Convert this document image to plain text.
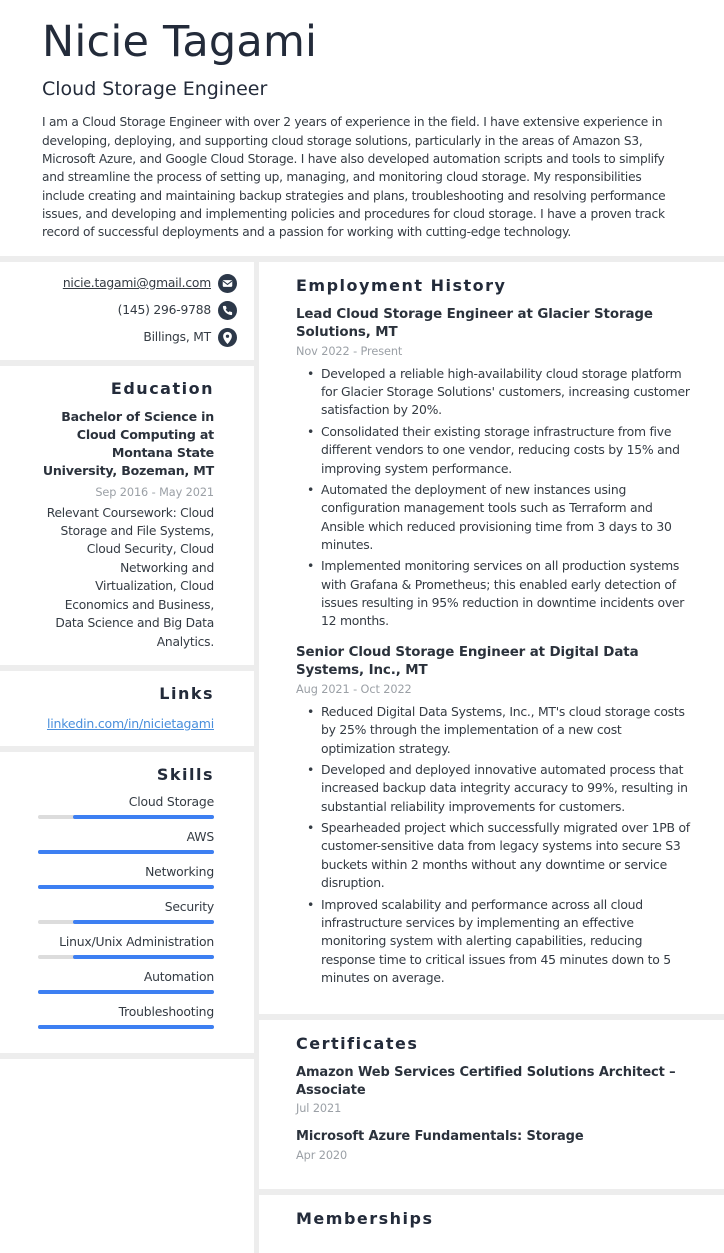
Nicie Tagami
Cloud Storage Engineer

I am a Cloud Storage Engineer with over 2 years of experience in the field. I have extensive experience in developing, deploying, and supporting cloud storage solutions, particularly in the areas of Amazon S3, Microsoft Azure, and Google Cloud Storage. I have also developed automation scripts and tools to simplify and streamline the process of setting up, managing, and monitoring cloud storage. My responsibilities include creating and maintaining backup strategies and plans, troubleshooting and resolving performance issues, and developing and implementing policies and procedures for cloud storage. I have a proven track record of successful deployments and a passion for working with cutting-edge technology.

nicie.tagami@gmail.com
(145) 296-9788
Billings, MT
Education
Bachelor of Science in Cloud Computing at Montana State University, Bozeman, MT
Sep 2016 - May 2021
Relevant Coursework: Cloud Storage and File Systems, Cloud Security, Cloud Networking and Virtualization, Cloud Economics and Business, Data Science and Big Data Analytics.
Links
linkedin.com/in/nicietagami
Skills
Cloud Storage
AWS
Networking
Security
Linux/Unix Administration
Automation
Troubleshooting
Employment History
Lead Cloud Storage Engineer at Glacier Storage Solutions, MT
Nov 2022 - Present
• Developed a reliable high-availability cloud storage platform for Glacier Storage Solutions' customers, increasing customer satisfaction by 20%.
• Consolidated their existing storage infrastructure from five different vendors to one vendor, reducing costs by 15% and improving system performance.
• Automated the deployment of new instances using configuration management tools such as Terraform and Ansible which reduced provisioning time from 3 days to 30 minutes.
• Implemented monitoring services on all production systems with Grafana & Prometheus; this enabled early detection of issues resulting in 95% reduction in downtime incidents over 12 months.
Senior Cloud Storage Engineer at Digital Data Systems, Inc., MT
Aug 2021 - Oct 2022
• Reduced Digital Data Systems, Inc., MT's cloud storage costs by 25% through the implementation of a new cost optimization strategy.
• Developed and deployed innovative automated process that increased backup data integrity accuracy to 99%, resulting in substantial reliability improvements for customers.
• Spearheaded project which successfully migrated over 1PB of customer-sensitive data from legacy systems into secure S3 buckets within 2 months without any downtime or service disruption.
• Improved scalability and performance across all cloud infrastructure services by implementing an effective monitoring system with alerting capabilities, reducing response time to critical issues from 45 minutes down to 5 minutes on average.
Certificates
Amazon Web Services Certified Solutions Architect – Associate
Jul 2021
Microsoft Azure Fundamentals: Storage
Apr 2020
Memberships
